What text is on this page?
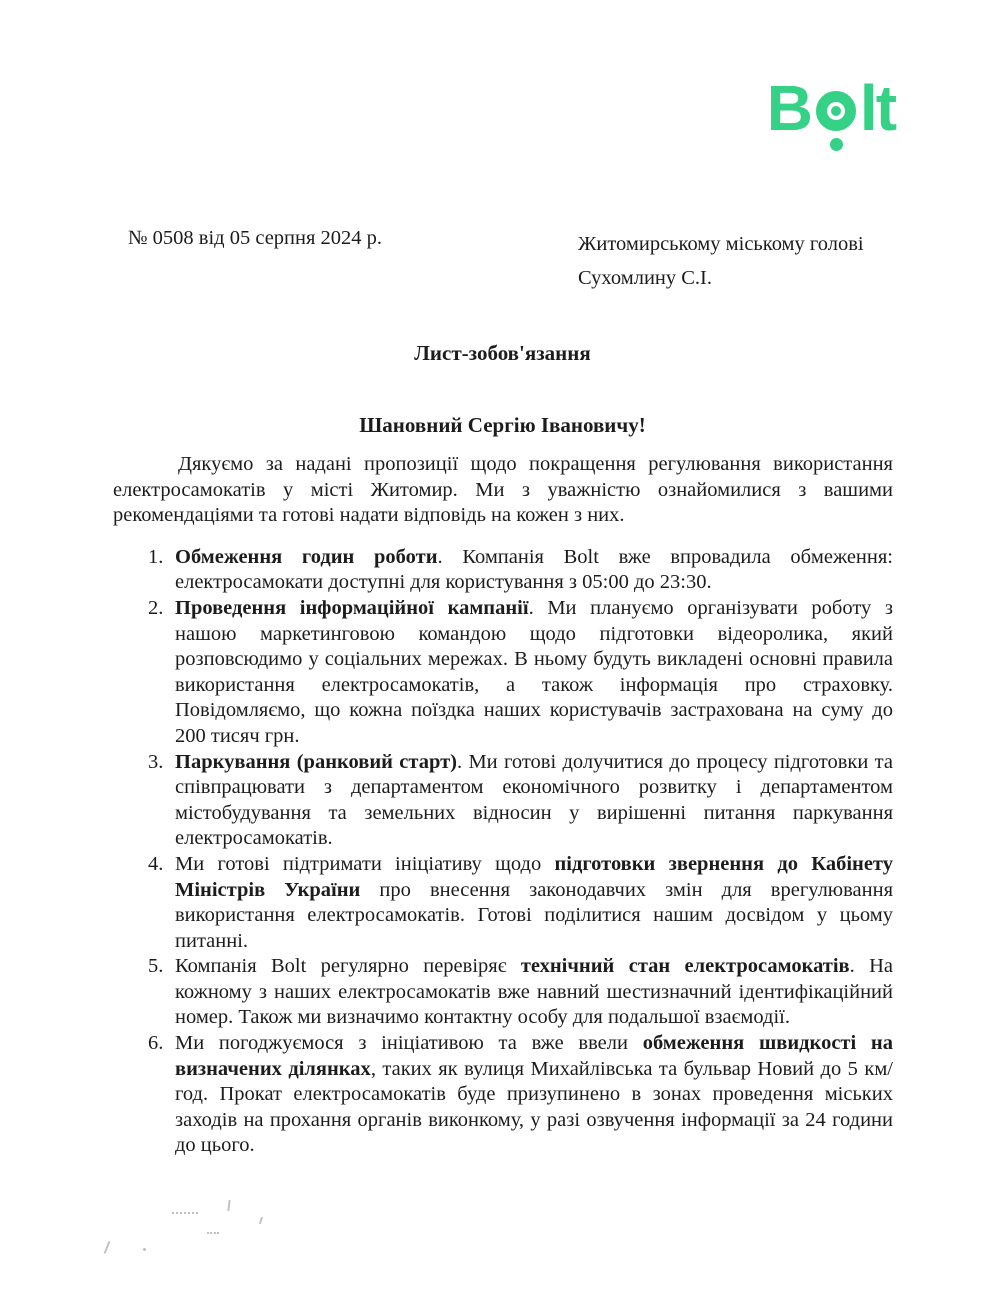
B lt
№ 0508 від 05 серпня 2024 р.	Житомирському міському голові
Сухомлину С.І.
Лист-зобов'язання
Шановний Сергію Івановичу!

Дякуємо за надані пропозиції щодо покращення регулювання використання електросамокатів у місті Житомир. Ми з уважністю ознайомилися з вашими рекомендаціями та готові надати відповідь на кожен з них.

1. Обмеження годин роботи. Компанія Bolt вже впровадила обмеження: електросамокати доступні для користування з 05:00 до 23:30.
2. Проведення інформаційної кампанії. Ми плануємо організувати роботу з нашою маркетинговою командою щодо підготовки відеоролика, який розповсюдимо у соціальних мережах. В ньому будуть викладені основні правила використання електросамокатів, а також інформація про страховку. Повідомляємо, що кожна поїздка наших користувачів застрахована на суму до 200 тисяч грн.
3. Паркування (ранковий старт). Ми готові долучитися до процесу підготовки та співпрацювати з департаментом економічного розвитку і департаментом містобудування та земельних відносин у вирішенні питання паркування електросамокатів.
4. Ми готові підтримати ініціативу щодо підготовки звернення до Кабінету Міністрів України про внесення законодавчих змін для врегулювання використання електросамокатів. Готові поділитися нашим досвідом у цьому питанні.
5. Компанія Bolt регулярно перевіряє технічний стан електросамокатів. На кожному з наших електросамокатів вже навний шестизначний ідентифікаційний номер. Також ми визначимо контактну особу для подальшої взаємодії.
6. Ми погоджуємося з ініціативою та вже ввели обмеження швидкості на визначених ділянках, таких як вулиця Михайлівська та бульвар Новий до 5 км/год. Прокат електросамокатів буде призупинено в зонах проведення міських заходів на прохання органів виконкому, у разі озвучення інформації за 24 години до цього.
